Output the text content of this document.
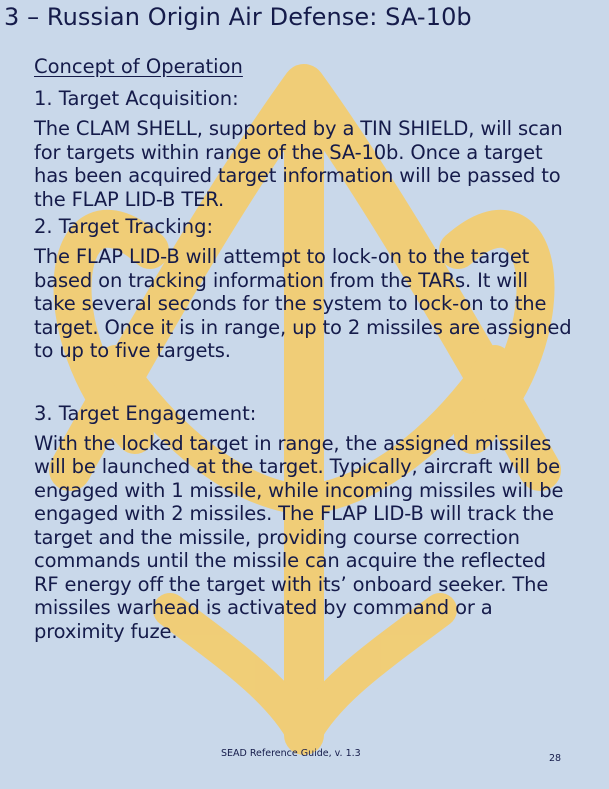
3 – Russian Origin Air Defense: SA-10b
Concept of Operation
1. Target Acquisition:

The CLAM SHELL, supported by a TIN SHIELD, will scan for targets within range of the SA-10b. Once a target has been acquired target information will be passed to the FLAP LID-B TER.

2. Target Tracking:

The FLAP LID-B will attempt to lock-on to the target based on tracking information from the TARs. It will take several seconds for the system to lock-on to the target. Once it is in range, up to 2 missiles are assigned to up to five targets.

3. Target Engagement:

With the locked target in range, the assigned missiles will be launched at the target. Typically, aircraft will be engaged with 1 missile, while incoming missiles will be engaged with 2 missiles. The FLAP LID-B will track the target and the missile, providing course correction commands until the missile can acquire the reflected RF energy off the target with its’ onboard seeker. The missiles warhead is activated by command or a proximity fuze.

SEAD Reference Guide, v. 1.3	28
